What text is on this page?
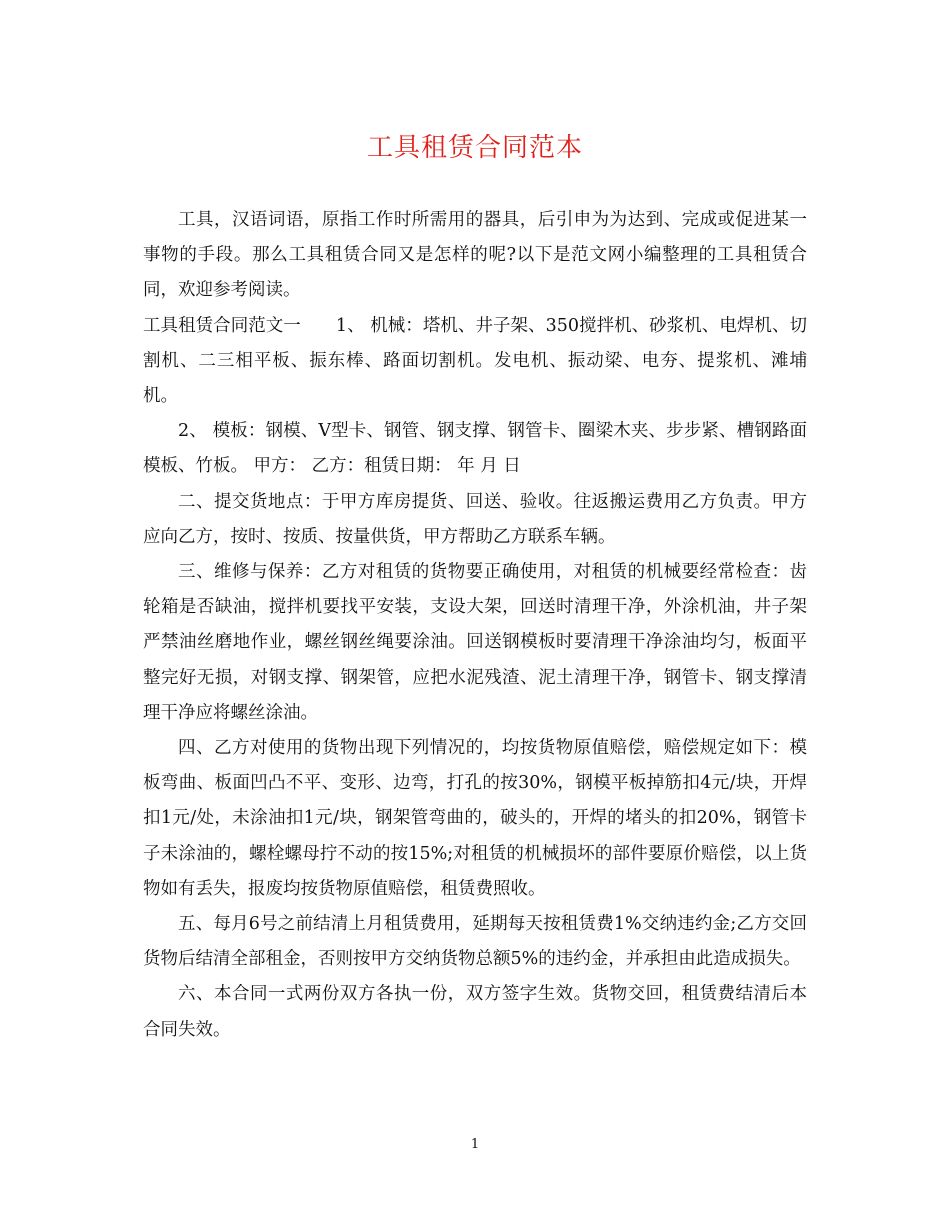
工具租赁合同范本

工具，汉语词语，原指工作时所需用的器具，后引申为为达到、完成或促进某一事物的手段。那么工具租赁合同又是怎样的呢?以下是范文网小编整理的工具租赁合同，欢迎参考阅读。

工具租赁合同范文一　　1、 机械：塔机、井子架、350搅拌机、砂浆机、电焊机、切割机、二三相平板、振东棒、路面切割机。发电机、振动梁、电夯、提浆机、滩埔机。

2、 模板：钢模、V型卡、钢管、钢支撑、钢管卡、圈梁木夹、步步紧、槽钢路面模板、竹板。 甲方： 乙方：租赁日期： 年 月 日

二、提交货地点：于甲方库房提货、回送、验收。往返搬运费用乙方负责。甲方应向乙方，按时、按质、按量供货，甲方帮助乙方联系车辆。

三、维修与保养：乙方对租赁的货物要正确使用，对租赁的机械要经常检查：齿轮箱是否缺油，搅拌机要找平安装，支设大架，回送时清理干净，外涂机油，井子架严禁油丝磨地作业，螺丝钢丝绳要涂油。回送钢模板时要清理干净涂油均匀，板面平整完好无损，对钢支撑、钢架管，应把水泥残渣、泥土清理干净，钢管卡、钢支撑清理干净应将螺丝涂油。

四、乙方对使用的货物出现下列情况的，均按货物原值赔偿，赔偿规定如下：模板弯曲、板面凹凸不平、变形、边弯，打孔的按30%，钢模平板掉筋扣4元/块，开焊扣1元/处，未涂油扣1元/块，钢架管弯曲的，破头的，开焊的堵头的扣20%，钢管卡子未涂油的，螺栓螺母拧不动的按15%;对租赁的机械损坏的部件要原价赔偿，以上货物如有丢失，报废均按货物原值赔偿，租赁费照收。

五、每月6号之前结清上月租赁费用，延期每天按租赁费1%交纳违约金;乙方交回货物后结清全部租金，否则按甲方交纳货物总额5%的违约金，并承担由此造成损失。

六、本合同一式两份双方各执一份，双方签字生效。货物交回，租赁费结清后本合同失效。

1
